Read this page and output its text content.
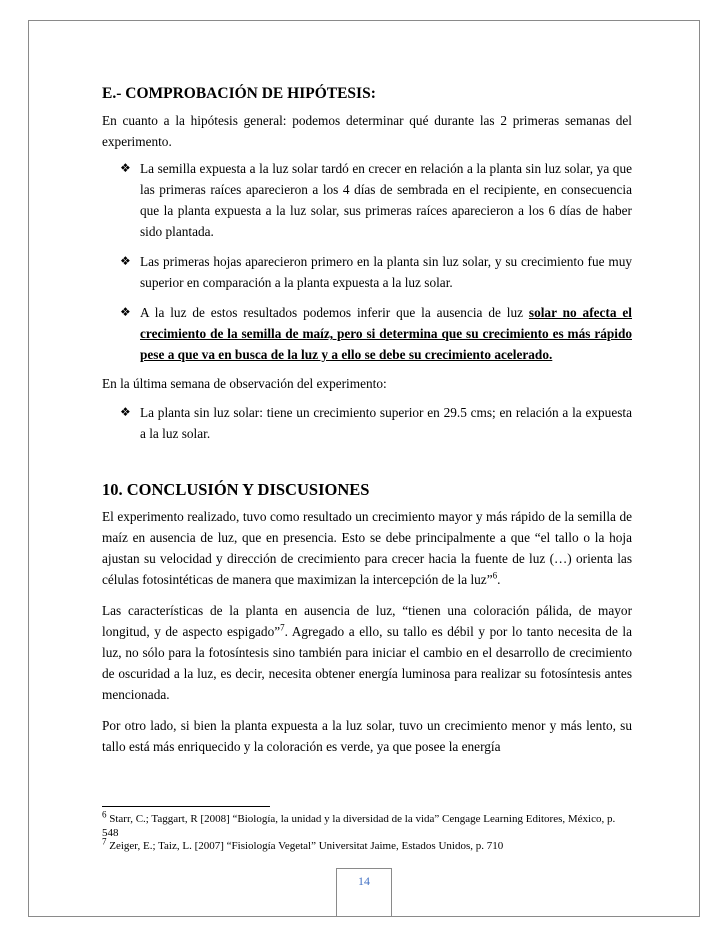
E.- COMPROBACIÓN DE HIPÓTESIS:

En cuanto a la hipótesis general: podemos determinar qué durante las 2 primeras semanas del experimento.

❖ La semilla expuesta a la luz solar tardó en crecer en relación a la planta sin luz solar, ya que las primeras raíces aparecieron a los 4 días de sembrada en el recipiente, en consecuencia que la planta expuesta a la luz solar, sus primeras raíces aparecieron a los 6 días de haber sido plantada.

❖ Las primeras hojas aparecieron primero en la planta sin luz solar, y su crecimiento fue muy superior en comparación a la planta expuesta a la luz solar.

❖ A la luz de estos resultados podemos inferir que la ausencia de luz solar no afecta el crecimiento de la semilla de maíz, pero si determina que su crecimiento es más rápido pese a que va en busca de la luz y a ello se debe su crecimiento acelerado.

En la última semana de observación del experimento:

❖ La planta sin luz solar: tiene un crecimiento superior en 29.5 cms; en relación a la expuesta a la luz solar.

10. CONCLUSIÓN Y DISCUSIONES

El experimento realizado, tuvo como resultado un crecimiento mayor y más rápido de la semilla de maíz en ausencia de luz, que en presencia. Esto se debe principalmente a que “el tallo o la hoja ajustan su velocidad y dirección de crecimiento para crecer hacia la fuente de luz (…) orienta las células fotosintéticas de manera que maximizan la intercepción de la luz”$^6$.

Las características de la planta en ausencia de luz, “tienen una coloración pálida, de mayor longitud, y de aspecto espigado”$^7$. Agregado a ello, su tallo es débil y por lo tanto necesita de la luz, no sólo para la fotosíntesis sino también para iniciar el cambio en el desarrollo de crecimiento de oscuridad a la luz, es decir, necesita obtener energía luminosa para realizar su fotosíntesis antes mencionada.

Por otro lado, si bien la planta expuesta a la luz solar, tuvo un crecimiento menor y más lento, su tallo está más enriquecido y la coloración es verde, ya que posee la energía

$^6$ Starr, C.; Taggart, R [2008] “Biología, la unidad y la diversidad de la vida” Cengage Learning Editores, México, p. 548
$^7$ Zeiger, E.; Taiz, L. [2007] “Fisiología Vegetal” Universitat Jaime, Estados Unidos, p. 710
14
